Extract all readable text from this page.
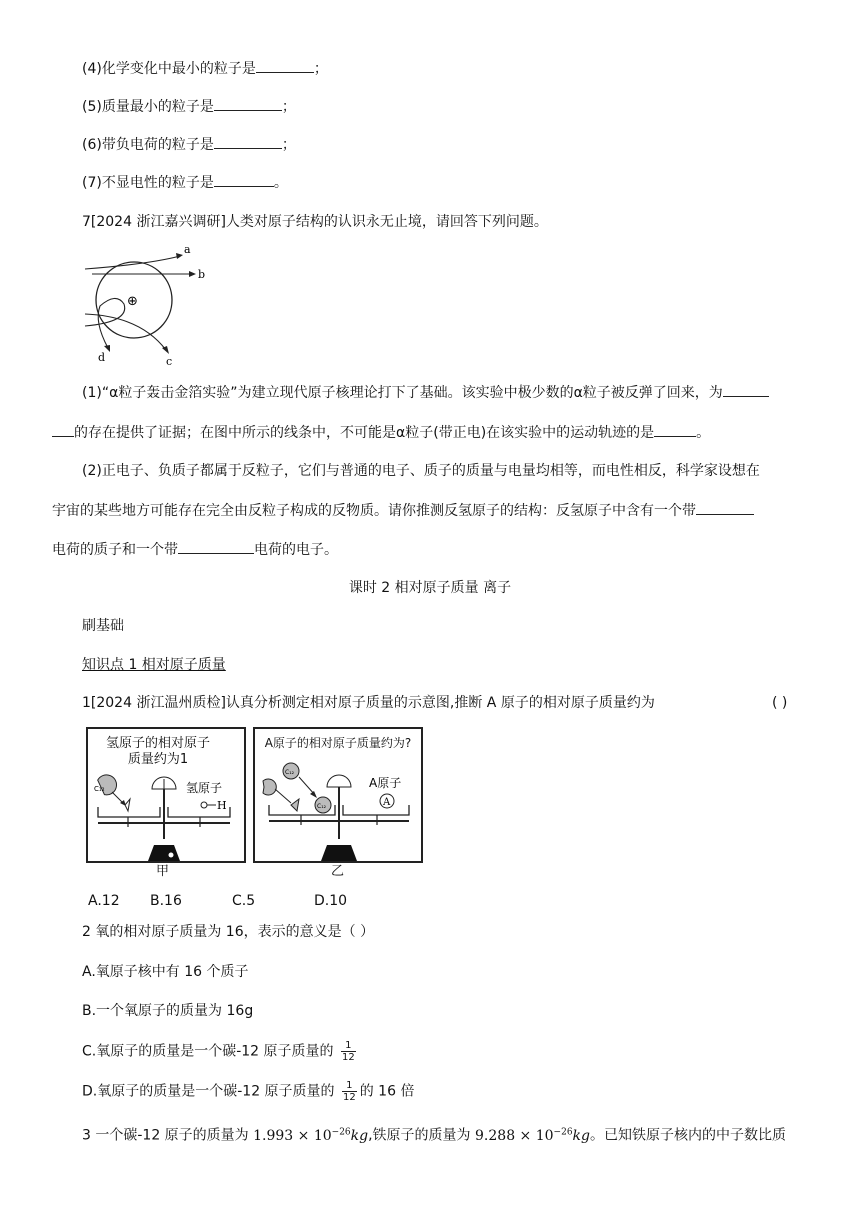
(4)化学变化中最小的粒子是	；
(5)质量最小的粒子是	；
(6)带负电荷的粒子是	；
(7)不显电性的粒子是	。
7[2024 浙江嘉兴调研]人类对原子结构的认识永无止境，请回答下列问题。
⊕
a
b
c
d
(1)“α粒子轰击金箔实验”为建立现代原子核理论打下了基础。该实验中极少数的α粒子被反弹了回来，为
的存在提供了证据；在图中所示的线条中，不可能是α粒子(带正电)在该实验中的运动轨迹的是	。
(2)正电子、负质子都属于反粒子，它们与普通的电子、质子的质量与电量均相等，而电性相反，科学家设想在
宇宙的某些地方可能存在完全由反粒子构成的反物质。请你推测反氢原子的结构：反氢原子中含有一个带
电荷的质子和一个带	电荷的电子。
课时 2 相对原子质量 离子
刷基础
知识点 1 相对原子质量
1[2024 浙江温州质检]认真分析测定相对原子质量的示意图,推断 A 原子的相对原子质量约为	( )
氢原子的相对原子
质量约为1
C₁₂
H
氢原子
甲
A原子的相对原子质量约为?
C₁₂
C₁₂	A
A原子
乙
A.12 B.16	C.5	D.10
2 氧的相对原子质量为 16，表示的意义是（ ）
A.氧原子核中有 16 个质子
B.一个氧原子的质量为 16g
C.氧原子的质量是一个碳-12 原子质量的 $\frac{1}{12}$
D.氧原子的质量是一个碳-12 原子质量的 $\frac{1}{12}$ 的 16 倍
3 一个碳-12 原子的质量为 $1.993 \times 10^{-26}kg$,铁原子的质量为 $9.288 \times 10^{-26}kg$。已知铁原子核内的中子数比质
